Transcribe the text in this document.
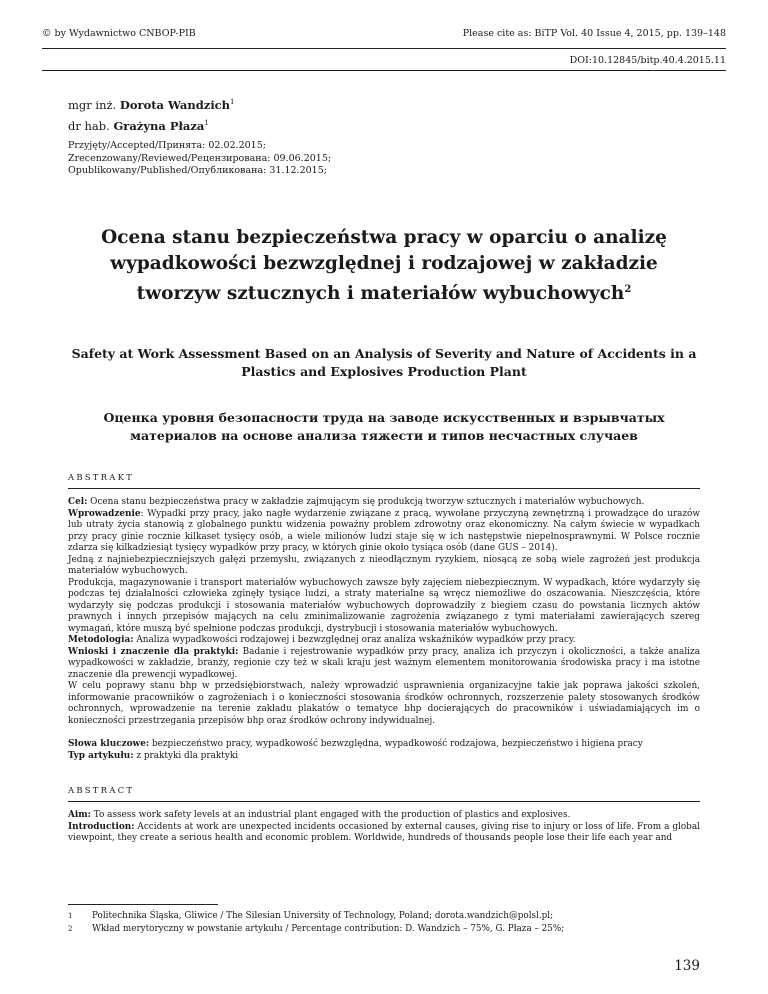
© by Wydawnictwo CNBOP-PIB	Please cite as: BiTP Vol. 40 Issue 4, 2015, pp. 139–148
DOI:10.12845/bitp.40.4.2015.11
mgr inż. Dorota Wandzich$^1$
dr hab. Grażyna Płaza$^1$
Przyjęty/Accepted/Принята: 02.02.2015;
Zrecenzowany/Reviewed/Рецензирована: 09.06.2015;
Opublikowany/Published/Опубликована: 31.12.2015;
Ocena stanu bezpieczeństwa pracy w oparciu o analizę wypadkowości bezwzględnej i rodzajowej w zakładzie tworzyw sztucznych i materiałów wybuchowych$^2$
Safety at Work Assessment Based on an Analysis of Severity and Nature of Accidents in a Plastics and Explosives Production Plant
Оценка уровня безопасности труда на заводе искусственных и взрывчатых материалов на основе анализа тяжести и типов несчастных случаев
ABSTRAKT

Cel: Ocena stanu bezpieczeństwa pracy w zakładzie zajmującym się produkcją tworzyw sztucznych i materiałów wybuchowych.

Wprowadzenie: Wypadki przy pracy, jako nagłe wydarzenie związane z pracą, wywołane przyczyną zewnętrzną i prowadzące do urazów lub utraty życia stanowią z globalnego punktu widzenia poważny problem zdrowotny oraz ekonomiczny. Na całym świecie w wypadkach przy pracy ginie rocznie kilkaset tysięcy osób, a wiele milionów ludzi staje się w ich następstwie niepełnosprawnymi. W Polsce rocznie zdarza się kilkadziesiąt tysięcy wypadków przy pracy, w których ginie około tysiąca osób (dane GUS – 2014).

Jedną z najniebezpieczniejszych gałęzi przemysłu, związanych z nieodłącznym ryzykiem, niosącą ze sobą wiele zagrożeń jest produkcja materiałów wybuchowych.

Produkcja, magazynowanie i transport materiałów wybuchowych zawsze były zajęciem niebezpiecznym. W wypadkach, które wydarzyły się podczas tej działalności człowieka zginęły tysiące ludzi, a straty materialne są wręcz niemożliwe do oszacowania. Nieszczęścia, które wydarzyły się podczas produkcji i stosowania materiałów wybuchowych doprowadziły z biegiem czasu do powstania licznych aktów prawnych i innych przepisów mających na celu zminimalizowanie zagrożenia związanego z tymi materiałami zawierających szereg wymagań, które muszą być spełnione podczas produkcji, dystrybucji i stosowania materiałów wybuchowych.

Metodologia: Analiza wypadkowości rodzajowej i bezwzględnej oraz analiza wskaźników wypadków przy pracy.

Wnioski i znaczenie dla praktyki: Badanie i rejestrowanie wypadków przy pracy, analiza ich przyczyn i okoliczności, a także analiza wypadkowości w zakładzie, branży, regionie czy też w skali kraju jest ważnym elementem monitorowania środowiska pracy i ma istotne znaczenie dla prewencji wypadkowej.

W celu poprawy stanu bhp w przedsiębiorstwach, należy wprowadzić usprawnienia organizacyjne takie jak poprawa jakości szkoleń, informowanie pracowników o zagrożeniach i o konieczności stosowania środków ochronnych, rozszerzenie palety stosowanych środków ochronnych, wprowadzenie na terenie zakładu plakatów o tematyce bhp docierających do pracowników i uświadamiających im o konieczności przestrzegania przepisów bhp oraz środków ochrony indywidualnej.

Słowa kluczowe: bezpieczeństwo pracy, wypadkowość bezwzględna, wypadkowość rodzajowa, bezpieczeństwo i higiena pracy
Typ artykułu: z praktyki dla praktyki
ABSTRACT

Aim: To assess work safety levels at an industrial plant engaged with the production of plastics and explosives.

Introduction: Accidents at work are unexpected incidents occasioned by external causes, giving rise to injury or loss of life. From a global viewpoint, they create a serious health and economic problem. Worldwide, hundreds of thousands people lose their life each year and

1 Politechnika Śląska, Gliwice / The Silesian University of Technology, Poland; dorota.wandzich@polsl.pl;
2 Wkład merytoryczny w powstanie artykułu / Percentage contribution: D. Wandzich – 75%, G. Płaza – 25%;
139
